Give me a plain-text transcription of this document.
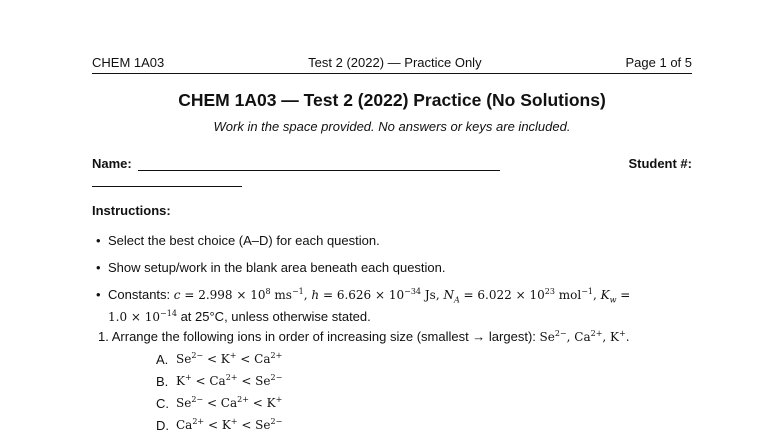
CHEM 1A03	Test 2 (2022) — Practice Only	Page 1 of 5
CHEM 1A03 — Test 2 (2022) Practice (No Solutions)
Work in the space provided. No answers or keys are included.
Name:	Student #:
Instructions:
• Select the best choice (A–D) for each question.
• Show setup/work in the blank area beneath each question.
• Constants: $c = 2.998 \times 10^8$ $ms^{-1}$, $h = 6.626 \times 10^{-34}$ Js, $N_A = 6.022 \times 10^{23}$ mol$^{-1}$, $K_w$ =
$1.0 \times 10^{-14}$ at 25°C, unless otherwise stated.
1. Arrange the following ions in order of increasing size (smallest → largest): $Se^{2-}$, $Ca^{2+}$, K+.
A. $Se^{2-} < K^+ < Ca^{2+}$
B. $K^+ < Ca^{2+} < Se^{2-}$
C. $Se^{2-} < Ca^{2+} < K^+$
D. $Ca^{2+} < K^+ < Se^{2-}$
